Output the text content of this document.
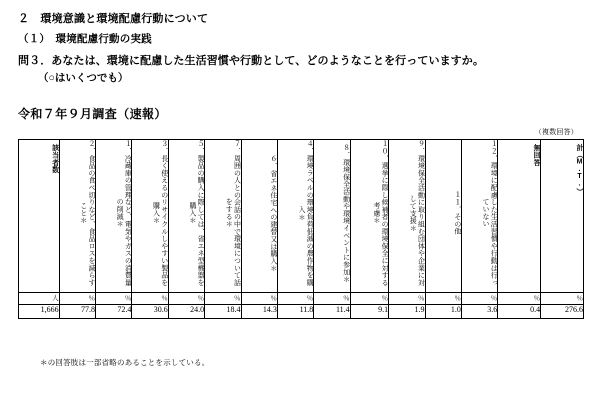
２　環境意識と環境配慮行動について
（１）　環境配慮行動の実践
問３．あなたは、環境に配慮した生活習慣や行動として、どのようなことを行っていますか。
（○はいくつでも）
令和７年９月調査（速報）
（複数回答）
該当者数	２．食品の食べ切りなど、食品ロスを減らすこと＊	１．冷蔵庫の管理など、電気やガスの消費量の削減＊	３．長く使えるのリサイクルしやすい製品を購入＊	５．製品の購入に際しては、省エネ型機器を購入＊	７．周囲の人との会話の中で環境について話をする＊	６．省エネ住宅への建替又は購入＊	４．環境ラベルの環境負荷低減の農作物を購入＊	８．環境保全活動や環境イベントに参加＊	１０．選挙に際し候補者の環境保全に対する考慮＊	９．環境保全活動に取り組む団体や企業に対して支援＊	１１．その他	１２．環境に配慮した生活習慣や行動は行っていない	無回答	計（M.T.）

人	％	％	％	％	％	％	％	％	％	％	％	％	％	％
1,666	77.8	72.4	30.6	24.0	18.4	14.3	11.8	11.4	9.1	1.9	1.0	3.6	0.4	276.6
＊の回答肢は一部省略のあることを示している。
